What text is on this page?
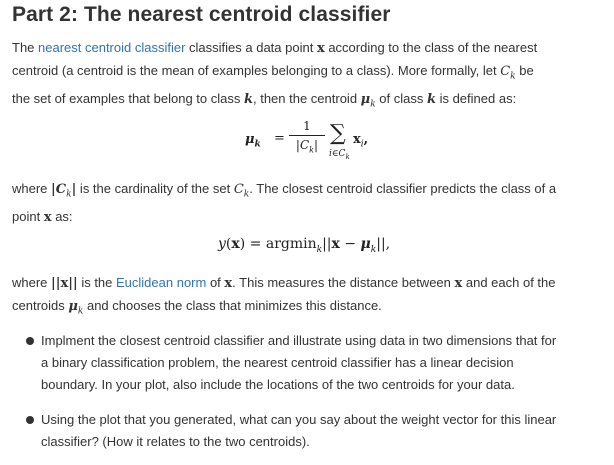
Part 2: The nearest centroid classifier
The nearest centroid classifier classifies a data point x according to the class of the nearest
centroid (a centroid is the mean of examples belonging to a class). More formally, let $C_k$ be
the set of examples that belong to class k, then the centroid $\mu_k$ of class k is defined as:
$\mu_k$ =
1
$|C_k|$ ∑
$i\in C_k$
$x_i$,
where $|C_k|$ is the cardinality of the set $C_k$. The closest centroid classifier predicts the class of a
point x as:
$y(x) = argmin_k||x - \mu_k||$,
where ||x|| is the Euclidean norm of x. This measures the distance between x and each of the
centroids $\mu_k$ and chooses the class that minimizes this distance.
Implment the closest centroid classifier and illustrate using data in two dimensions that for
a binary classification problem, the nearest centroid classifier has a linear decision
boundary. In your plot, also include the locations of the two centroids for your data.
Using the plot that you generated, what can you say about the weight vector for this linear
classifier? (How it relates to the two centroids).
